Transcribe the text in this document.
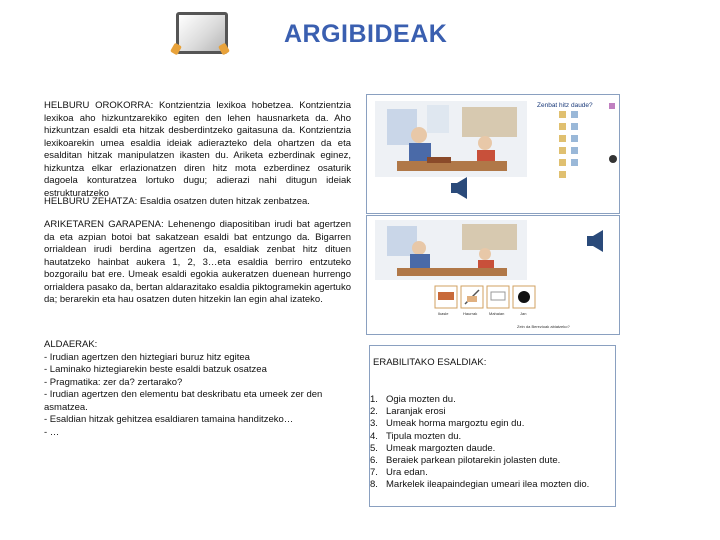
ARGIBIDEAK

HELBURU OROKORRA: Kontzientzia lexikoa hobetzea. Kontzientzia lexikoa aho hizkuntzarekiko egiten den lehen hausnarketa da. Aho hizkuntzan esaldi eta hitzak desberdintzeko gaitasuna da. Kontzientzia lexikoarekin umea esaldia ideiak adierazteko dela ohartzen da eta esalditan hitzak manipulatzen ikasten du. Ariketa ezberdinak eginez, hizkuntza elkar erlazionatzen diren hitz mota ezberdinez osaturik dagoela konturatzea lortuko dugu; adierazi nahi ditugun ideiak estrukturatzeko

HELBURU ZEHATZA: Esaldia osatzen duten hitzak zenbatzea.

ARIKETAREN GARAPENA: Lehenengo diapositiban irudi bat agertzen da eta azpian botoi bat sakatzean esaldi bat entzungo da. Bigarren orrialdean irudi berdina agertzen da, esaldiak zenbat hitz dituen hautatzeko hainbat aukera 1, 2, 3…eta esaldia berriro entzuteko bozgorailu bat ere. Umeak esaldi egokia aukeratzen duenean hurrengo orrialdera pasako da, bertan aldarazitako esaldia piktogramekin agertuko da; berarekin eta hau osatzen duten hitzekin lan egin ahal izateko.

ALDAERAK:

- Irudian agertzen den hiztegiari buruz hitz egitea
- Laminako hiztegiarekin beste esaldi batzuk osatzea
- Pragmatika: zer da? zertarako?
- Irudian agertzen den elementu bat deskribatu eta umeek zer den asmatzea.
- Esaldian hitzak gehitzea esaldiaren tamaina handitzeko…
- …
Zenbat hitz daude?
Ikasle	Haurrak	Mahaian	Jan
Zein da Berezioak abiatzeko?
ERABILITAKO ESALDIAK:
1. Ogia mozten du.
2. Laranjak erosi
3. Umeak horma margoztu egin du.
4. Tipula mozten du.
5. Umeak margozten daude.
6. Beraiek parkean pilotarekin jolasten dute.
7. Ura edan.
8. Markelek ileapaindegian umeari ilea mozten dio.
